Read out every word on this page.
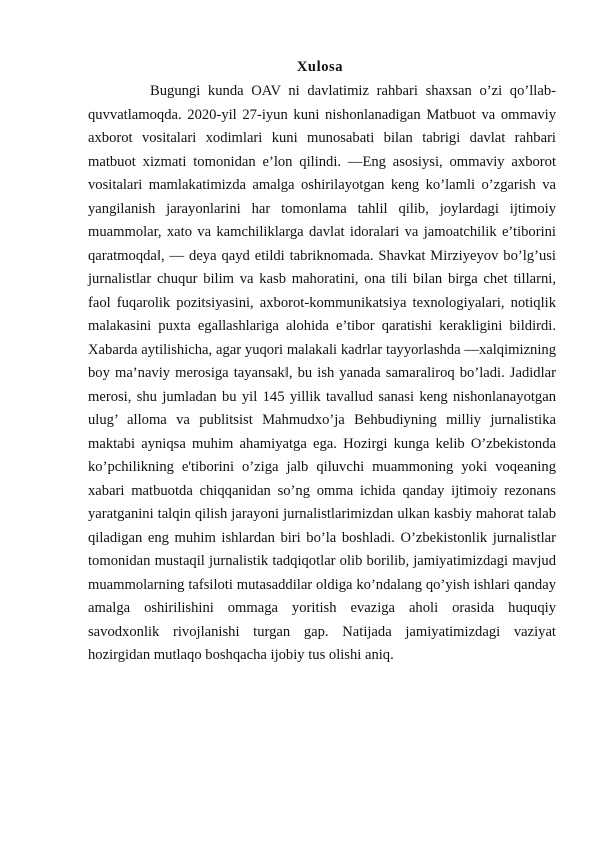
Xulosa

Bugungi kunda OAV ni davlatimiz rahbari shaxsan o’zi qo’llab-quvvatlamoqda. 2020-yil 27-iyun kuni nishonlanadigan Matbuot va ommaviy axborot vositalari xodimlari kuni munosabati bilan tabrigi davlat rahbari matbuot xizmati tomonidan e’lon qilindi. ―Eng asosiysi, ommaviy axborot vositalari mamlakatimizda amalga oshirilayotgan keng ko’lamli o’zgarish va yangilanish jarayonlarini har tomonlama tahlil qilib, joylardagi ijtimoiy muammolar, xato va kamchiliklarga davlat idoralari va jamoatchilik e’tiborini qaratmoqda‖, — deya qayd etildi tabriknomada. Shavkat Mirziyeyov bo’lg’usi jurnalistlar chuqur bilim va kasb mahoratini, ona tili bilan birga chet tillarni, faol fuqarolik pozitsiyasini, axborot-kommunikatsiya texnologiyalari, notiqlik malakasini puxta egallashlariga alohida e’tibor qaratishi kerakligini bildirdi. Xabarda aytilishicha, agar yuqori malakali kadrlar tayyorlashda ―xalqimizning boy ma’naviy merosiga tayansak‖, bu ish yanada samaraliroq bo’ladi. Jadidlar merosi, shu jumladan bu yil 145 yillik tavallud sanasi keng nishonlanayotgan ulug’ alloma va publitsist Mahmudxo’ja Behbudiyning milliy jurnalistika maktabi ayniqsa muhim ahamiyatga ega. Hozirgi kunga kelib O’zbekistonda ko’pchilikning e'tiborini o’ziga jalb qiluvchi muammoning yoki voqeaning xabari matbuotda chiqqanidan so’ng omma ichida qanday ijtimoiy rezonans yaratganini talqin qilish jarayoni jurnalistlarimizdan ulkan kasbiy mahorat talab qiladigan eng muhim ishlardan biri bo’la boshladi. O’zbekistonlik jurnalistlar tomonidan mustaqil jurnalistik tadqiqotlar olib borilib, jamiyatimizdagi mavjud muammolarning tafsiloti mutasaddilar oldiga ko’ndalang qo’yish ishlari qanday amalga oshirilishini ommaga yoritish evaziga aholi orasida huquqiy savodxonlik rivojlanishi turgan gap. Natijada jamiyatimizdagi vaziyat hozirgidan mutlaqo boshqacha ijobiy tus olishi aniq.
